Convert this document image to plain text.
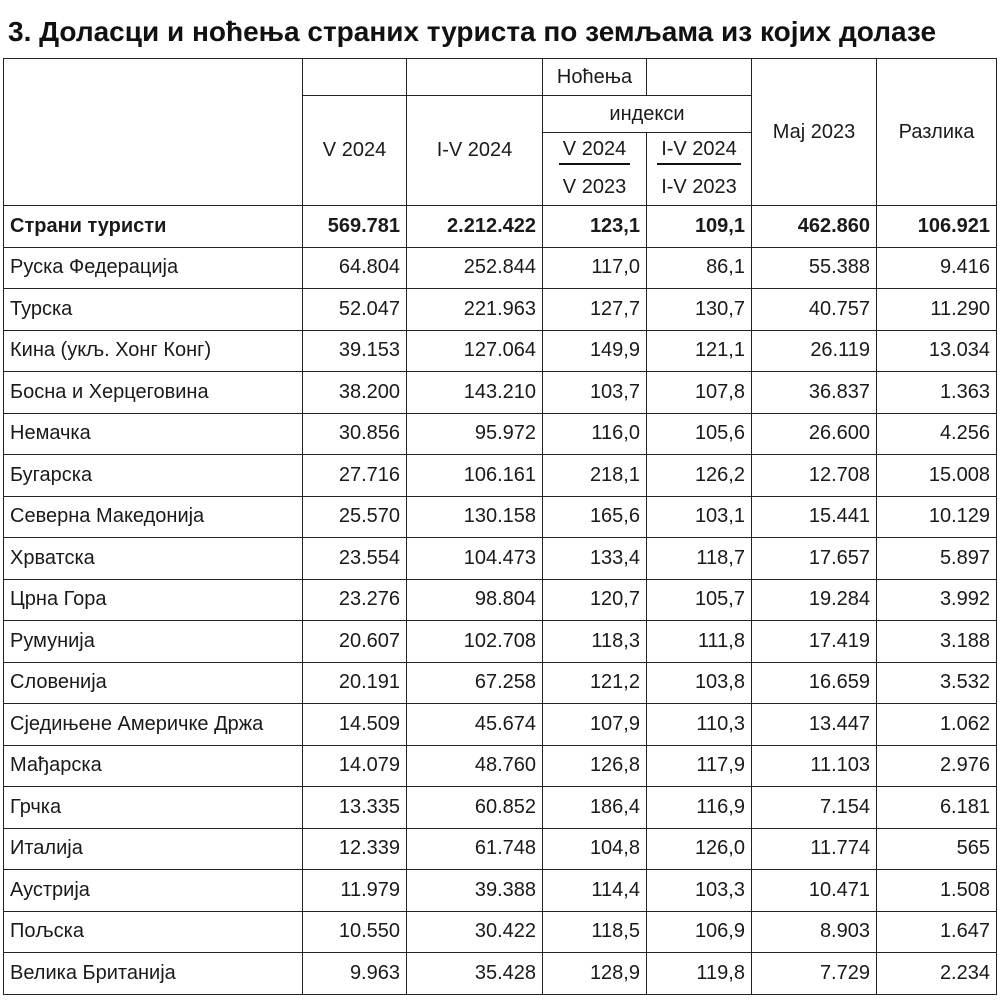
3. Доласци и ноћења страних туриста по земљама из којих долазе
			Ноћења		Мај 2023	Разлика
	V 2024	I-V 2024	индекси			
			V 2024	I-V 2024		
			V 2023	I-V 2023		
Страни туристи	569.781	2.212.422	123,1	109,1	462.860	106.921
Руска Федерација	64.804	252.844	117,0	86,1	55.388	9.416
Турска	52.047	221.963	127,7	130,7	40.757	11.290
Кина (укљ. Хонг Конг)	39.153	127.064	149,9	121,1	26.119	13.034
Босна и Херцеговина	38.200	143.210	103,7	107,8	36.837	1.363
Немачка	30.856	95.972	116,0	105,6	26.600	4.256
Бугарска	27.716	106.161	218,1	126,2	12.708	15.008
Северна Македонија	25.570	130.158	165,6	103,1	15.441	10.129
Хрватска	23.554	104.473	133,4	118,7	17.657	5.897
Црна Гора	23.276	98.804	120,7	105,7	19.284	3.992
Румунија	20.607	102.708	118,3	111,8	17.419	3.188
Словенија	20.191	67.258	121,2	103,8	16.659	3.532
Сједињене Америчке Држа	14.509	45.674	107,9	110,3	13.447	1.062
Мађарска	14.079	48.760	126,8	117,9	11.103	2.976
Грчка	13.335	60.852	186,4	116,9	7.154	6.181
Италија	12.339	61.748	104,8	126,0	11.774	565
Аустрија	11.979	39.388	114,4	103,3	10.471	1.508
Пољска	10.550	30.422	118,5	106,9	8.903	1.647
Велика Британија	9.963	35.428	128,9	119,8	7.729	2.234
